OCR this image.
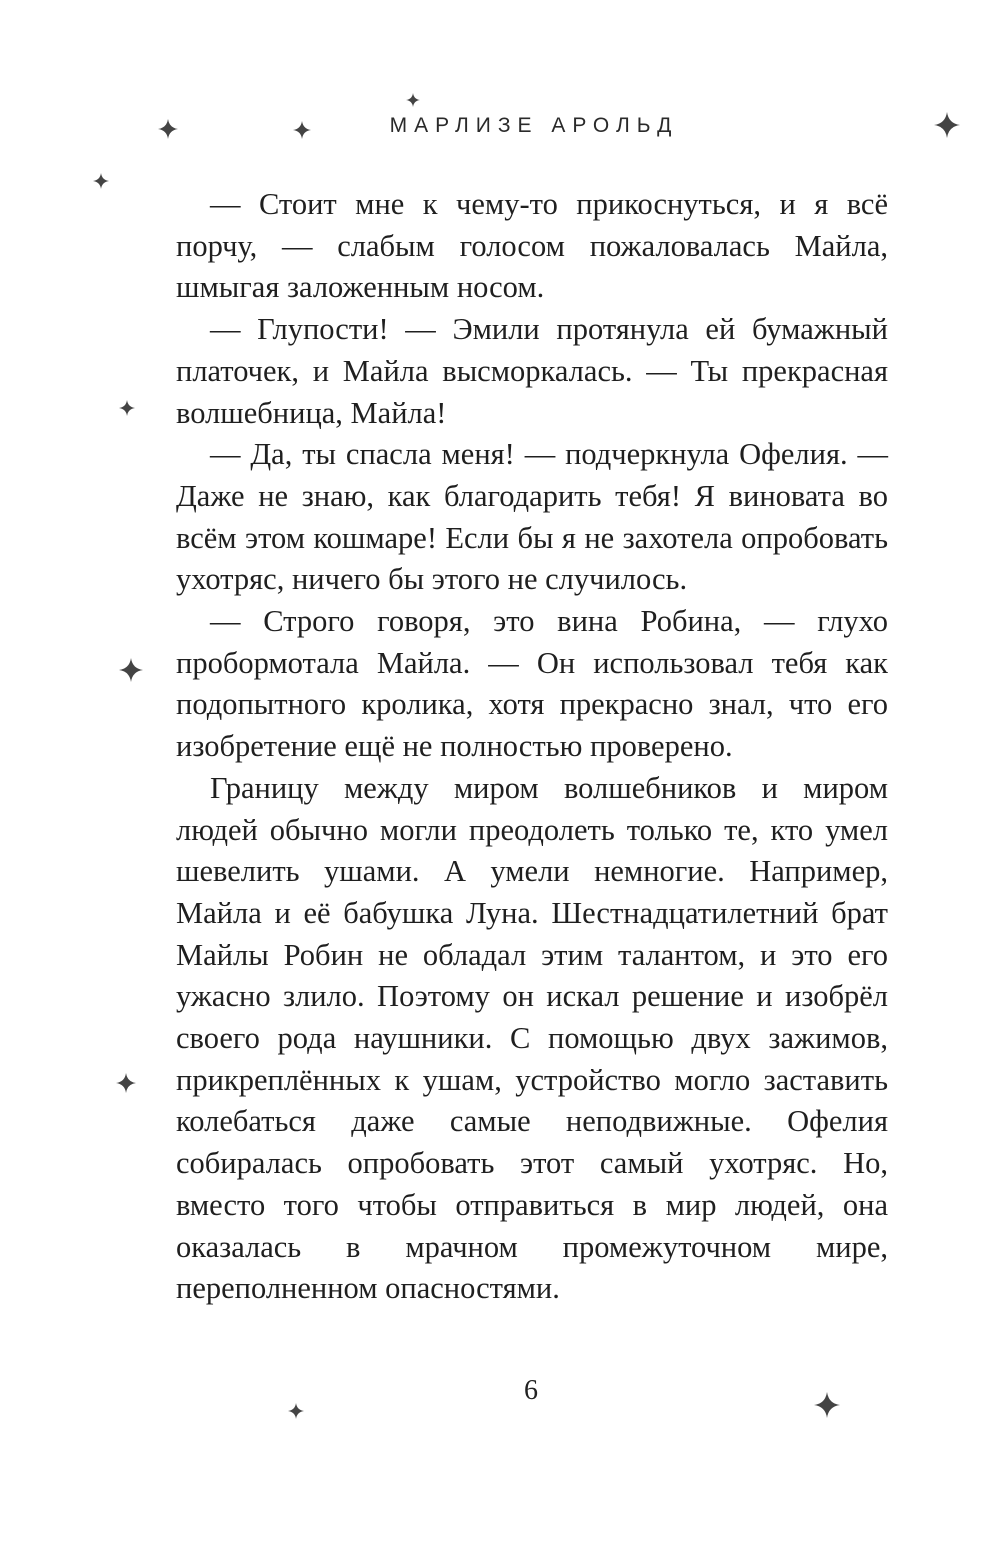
МАРЛИЗЕ АРОЛЬД

— Стоит мне к чему-то прикоснуться, и я всё порчу, — слабым голосом пожаловалась Майла, шмыгая заложенным носом.

— Глупости! — Эмили протянула ей бумажный платочек, и Майла высморкалась. — Ты прекрасная волшебница, Майла!

— Да, ты спасла меня! — подчеркнула Офелия. — Даже не знаю, как благодарить тебя! Я виновата во всём этом кошмаре! Если бы я не захотела опробовать ухотряс, ничего бы этого не случилось.

— Строго говоря, это вина Робина, — глухо пробормотала Майла. — Он использовал тебя как подопытного кролика, хотя прекрасно знал, что его изобретение ещё не полностью проверено.

Границу между миром волшебников и миром людей обычно могли преодолеть только те, кто умел шевелить ушами. А умели немногие. Например, Майла и её бабушка Луна. Шестнадцатилетний брат Майлы Робин не обладал этим талантом, и это его ужасно злило. Поэтому он искал решение и изобрёл своего рода наушники. С помощью двух зажимов, прикреплённых к ушам, устройство могло заставить колебаться даже самые неподвижные. Офелия собиралась опробовать этот самый ухотряс. Но, вместо того чтобы отправиться в мир людей, она оказалась в мрачном промежуточном мире, переполненном опасностями.

6
